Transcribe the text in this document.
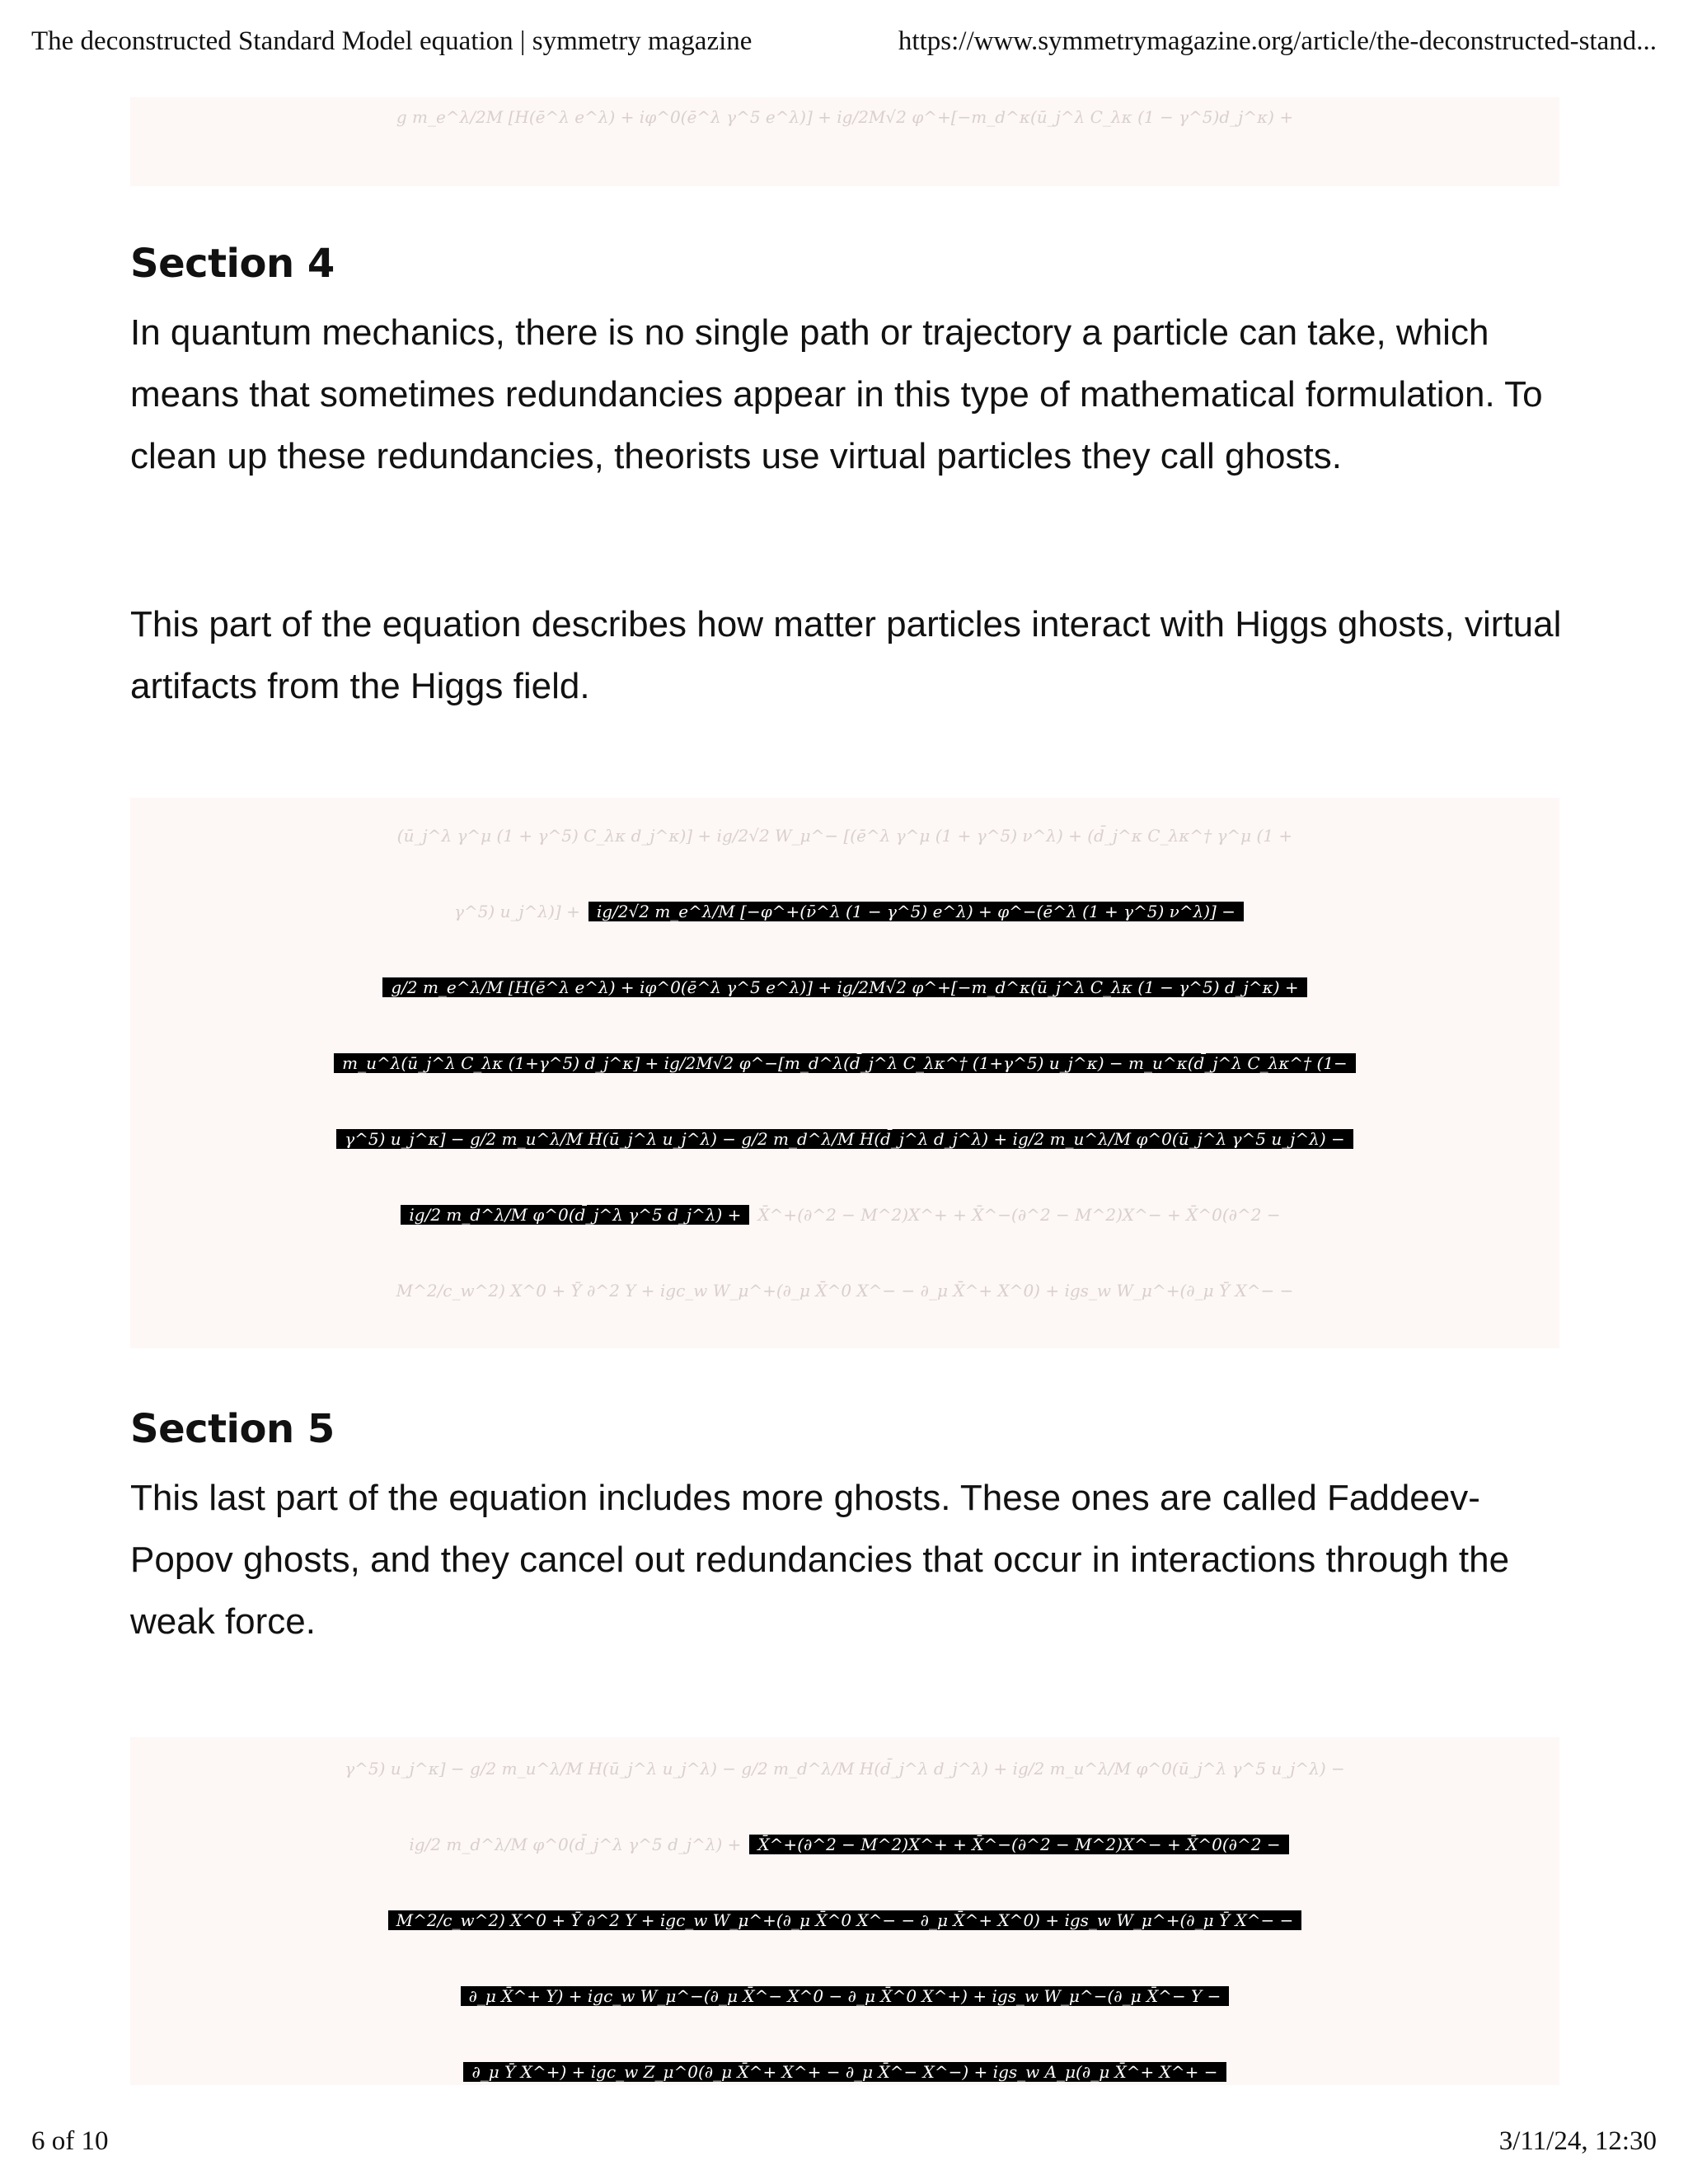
The deconstructed Standard Model equation | symmetry magazine	https://www.symmetrymagazine.org/article/the-deconstructed-stand...
g m_e^λ/2M [H(ē^λ e^λ) + iφ^0(ē^λ γ^5 e^λ)] + ig/2M√2 φ^+[−m_d^κ(ū_j^λ C_λκ (1 − γ^5)d_j^κ) +
Section 4

In quantum mechanics, there is no single path or trajectory a particle can take, which means that sometimes redundancies appear in this type of mathematical formulation. To clean up these redundancies, theorists use virtual particles they call ghosts.

This part of the equation describes how matter particles interact with Higgs ghosts, virtual artifacts from the Higgs field.

(ū_j^λ γ^μ (1 + γ^5) C_λκ d_j^κ)] + ig/2√2 W_μ^− [(ē^λ γ^μ (1 + γ^5) ν^λ) + (d̄_j^κ C_λκ^† γ^μ (1 +
γ^5) u_j^λ)] + ig/2√2 m_e^λ/M [−φ^+(ν̄^λ (1 − γ^5) e^λ) + φ^−(ē^λ (1 + γ^5) ν^λ)] −
g/2 m_e^λ/M [H(ē^λ e^λ) + iφ^0(ē^λ γ^5 e^λ)] + ig/2M√2 φ^+[−m_d^κ(ū_j^λ C_λκ (1 − γ^5) d_j^κ) +
m_u^λ(ū_j^λ C_λκ (1+γ^5) d_j^κ] + ig/2M√2 φ^−[m_d^λ(d̄_j^λ C_λκ^† (1+γ^5) u_j^κ) − m_u^κ(d̄_j^λ C_λκ^† (1−
γ^5) u_j^κ] − g/2 m_u^λ/M H(ū_j^λ u_j^λ) − g/2 m_d^λ/M H(d̄_j^λ d_j^λ) + ig/2 m_u^λ/M φ^0(ū_j^λ γ^5 u_j^λ) −
ig/2 m_d^λ/M φ^0(d̄_j^λ γ^5 d_j^λ) + X̄^+(∂^2 − M^2)X^+ + X̄^−(∂^2 − M^2)X^− + X̄^0(∂^2 −
M^2/c_w^2) X^0 + Ȳ ∂^2 Y + igc_w W_μ^+(∂_μ X̄^0 X^− − ∂_μ X̄^+ X^0) + igs_w W_μ^+(∂_μ Ȳ X^− −
Section 5

This last part of the equation includes more ghosts. These ones are called Faddeev-Popov ghosts, and they cancel out redundancies that occur in interactions through the weak force.

γ^5) u_j^κ] − g/2 m_u^λ/M H(ū_j^λ u_j^λ) − g/2 m_d^λ/M H(d̄_j^λ d_j^λ) + ig/2 m_u^λ/M φ^0(ū_j^λ γ^5 u_j^λ) −
ig/2 m_d^λ/M φ^0(d̄_j^λ γ^5 d_j^λ) + X̄^+(∂^2 − M^2)X^+ + X̄^−(∂^2 − M^2)X^− + X̄^0(∂^2 −
M^2/c_w^2) X^0 + Ȳ ∂^2 Y + igc_w W_μ^+(∂_μ X̄^0 X^− − ∂_μ X̄^+ X^0) + igs_w W_μ^+(∂_μ Ȳ X^− −
∂_μ X̄^+ Y) + igc_w W_μ^−(∂_μ X̄^− X^0 − ∂_μ X̄^0 X^+) + igs_w W_μ^−(∂_μ X̄^− Y −
∂_μ Ȳ X^+) + igc_w Z_μ^0(∂_μ X̄^+ X^+ − ∂_μ X̄^− X^−) + igs_w A_μ(∂_μ X̄^+ X^+ −
6 of 10	3/11/24, 12:30
